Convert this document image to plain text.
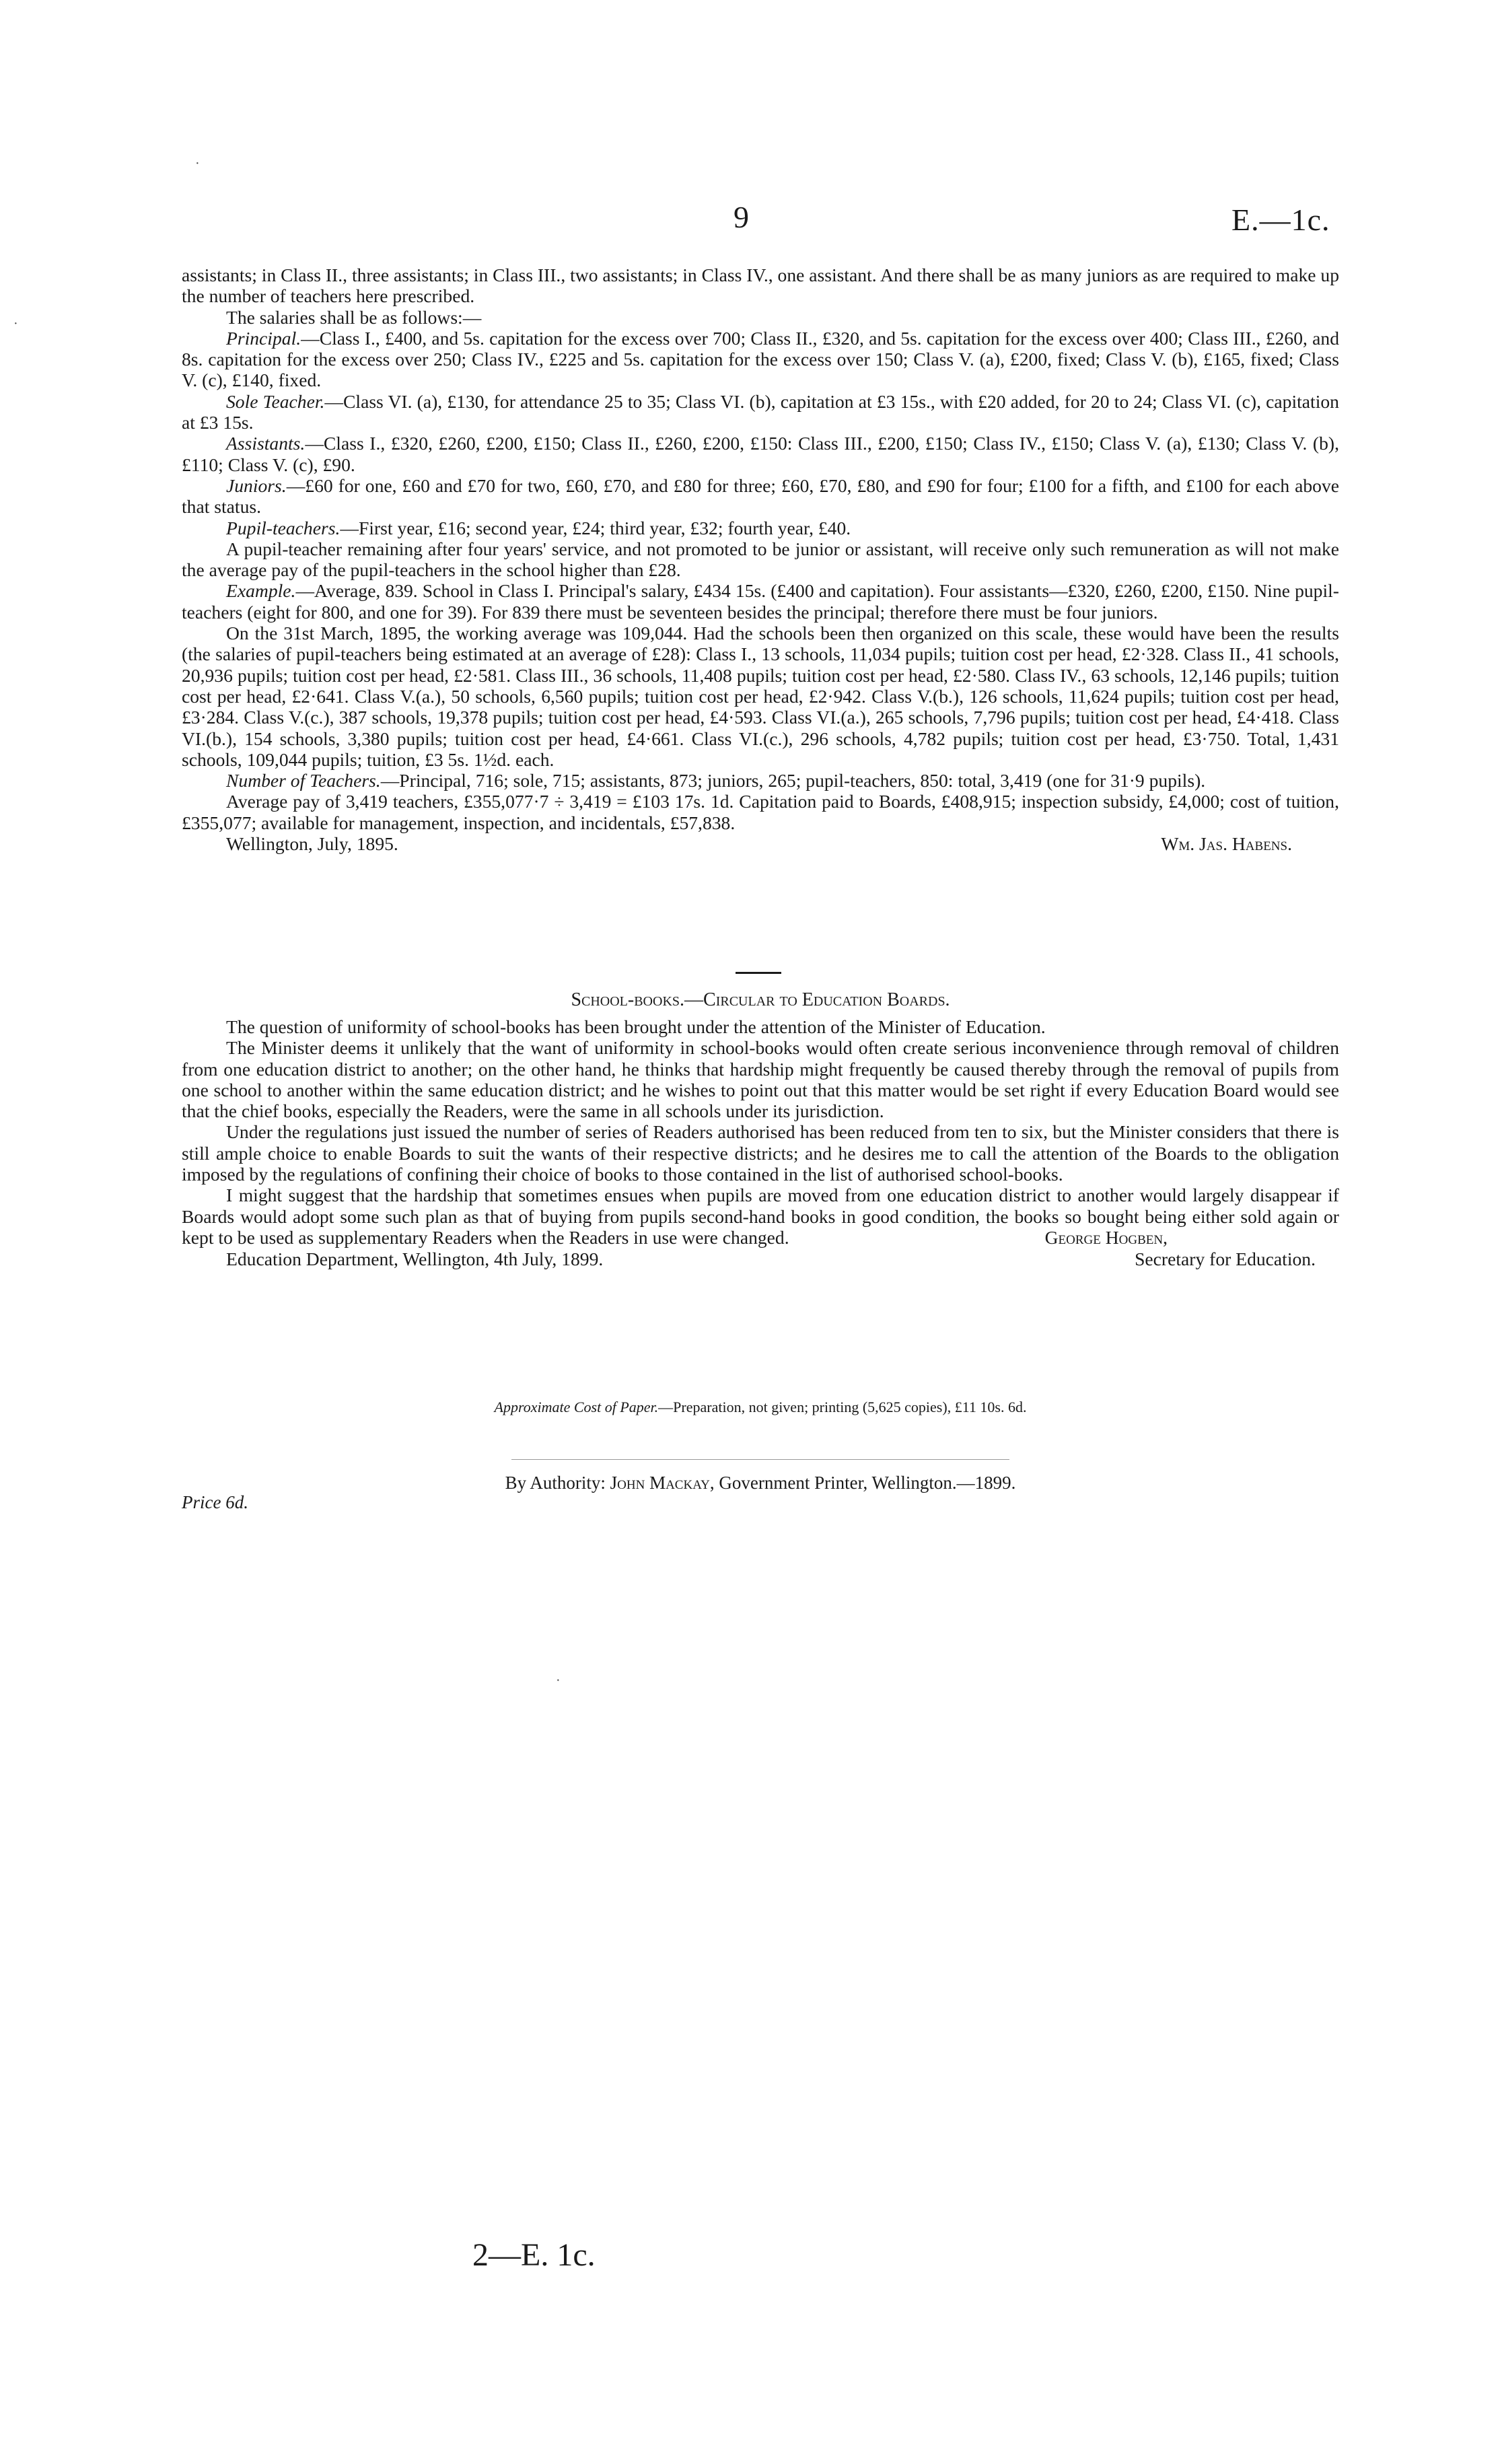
9	E.—1c.
·
·
·

assistants; in Class II., three assistants; in Class III., two assistants; in Class IV., one assistant. And there shall be as many juniors as are required to make up the number of teachers here prescribed.

The salaries shall be as follows:—

Principal.—Class I., £400, and 5s. capitation for the excess over 700; Class II., £320, and 5s. capitation for the excess over 400; Class III., £260, and 8s. capitation for the excess over 250; Class IV., £225 and 5s. capitation for the excess over 150; Class V. (a), £200, fixed; Class V. (b), £165, fixed; Class V. (c), £140, fixed.

Sole Teacher.—Class VI. (a), £130, for attendance 25 to 35; Class VI. (b), capitation at £3 15s., with £20 added, for 20 to 24; Class VI. (c), capitation at £3 15s.

Assistants.—Class I., £320, £260, £200, £150; Class II., £260, £200, £150: Class III., £200, £150; Class IV., £150; Class V. (a), £130; Class V. (b), £110; Class V. (c), £90.

Juniors.—£60 for one, £60 and £70 for two, £60, £70, and £80 for three; £60, £70, £80, and £90 for four; £100 for a fifth, and £100 for each above that status.

Pupil-teachers.—First year, £16; second year, £24; third year, £32; fourth year, £40.

A pupil-teacher remaining after four years' service, and not promoted to be junior or assistant, will receive only such remuneration as will not make the average pay of the pupil-teachers in the school higher than £28.

Example.—Average, 839. School in Class I. Principal's salary, £434 15s. (£400 and capitation). Four assistants—£320, £260, £200, £150. Nine pupil-teachers (eight for 800, and one for 39). For 839 there must be seventeen besides the principal; therefore there must be four juniors.

On the 31st March, 1895, the working average was 109,044. Had the schools been then organized on this scale, these would have been the results (the salaries of pupil-teachers being estimated at an average of £28): Class I., 13 schools, 11,034 pupils; tuition cost per head, £2·328. Class II., 41 schools, 20,936 pupils; tuition cost per head, £2·581. Class III., 36 schools, 11,408 pupils; tuition cost per head, £2·580. Class IV., 63 schools, 12,146 pupils; tuition cost per head, £2·641. Class V.(a.), 50 schools, 6,560 pupils; tuition cost per head, £2·942. Class V.(b.), 126 schools, 11,624 pupils; tuition cost per head, £3·284. Class V.(c.), 387 schools, 19,378 pupils; tuition cost per head, £4·593. Class VI.(a.), 265 schools, 7,796 pupils; tuition cost per head, £4·418. Class VI.(b.), 154 schools, 3,380 pupils; tuition cost per head, £4·661. Class VI.(c.), 296 schools, 4,782 pupils; tuition cost per head, £3·750. Total, 1,431 schools, 109,044 pupils; tuition, £3 5s. 1½d. each.

Number of Teachers.—Principal, 716; sole, 715; assistants, 873; juniors, 265; pupil-teachers, 850: total, 3,419 (one for 31·9 pupils).

Average pay of 3,419 teachers, £355,077·7 ÷ 3,419 = £103 17s. 1d. Capitation paid to Boards, £408,915; inspection subsidy, £4,000; cost of tuition, £355,077; available for management, inspection, and incidentals, £57,838.

Wellington, July, 1895.	Wm. Jas. Habens.
School-books.—Circular to Education Boards.

The question of uniformity of school-books has been brought under the attention of the Minister of Education.

The Minister deems it unlikely that the want of uniformity in school-books would often create serious inconvenience through removal of children from one education district to another; on the other hand, he thinks that hardship might frequently be caused thereby through the removal of pupils from one school to another within the same education district; and he wishes to point out that this matter would be set right if every Education Board would see that the chief books, especially the Readers, were the same in all schools under its jurisdiction.

Under the regulations just issued the number of series of Readers authorised has been reduced from ten to six, but the Minister considers that there is still ample choice to enable Boards to suit the wants of their respective districts; and he desires me to call the attention of the Boards to the obligation imposed by the regulations of confining their choice of books to those contained in the list of authorised school-books.

I might suggest that the hardship that sometimes ensues when pupils are moved from one education district to another would largely disappear if Boards would adopt some such plan as that of buying from pupils second-hand books in good condition, the books so bought being either sold again or kept to be used as supplementary Readers when the Readers in use were changed.	George Hogben,
Education Department, Wellington, 4th July, 1899.	Secretary for Education.
Approximate Cost of Paper.—Preparation, not given; printing (5,625 copies), £11 10s. 6d.
By Authority: John Mackay, Government Printer, Wellington.—1899.
Price 6d.
2—E. 1c.
